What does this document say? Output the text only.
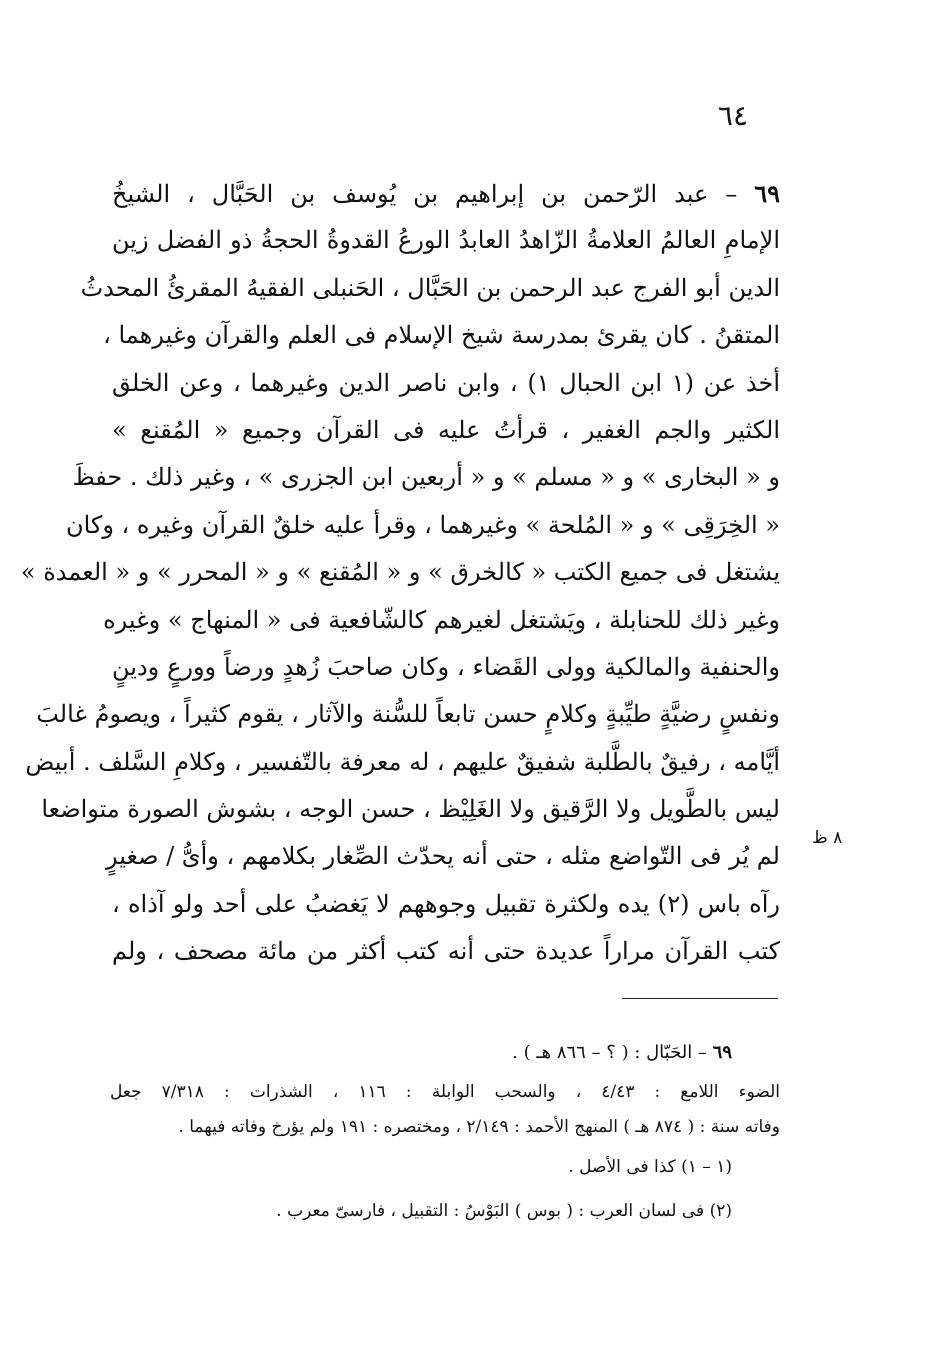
٦٤
٦٩ – عبد الرّحمن بن إبراهيم بن يُوسف بن الحَبَّال ، الشيخُ
الإمامِ العالمُ العلامةُ الزّاهدُ العابدُ الورعُ القدوةُ الحجةُ ذو الفضل زين
الدين أبو الفرج عبد الرحمن بن الحَبَّال ، الحَنبلى الفقيهُ المقرئُ المحدثُ
المتقنُ . كان يقرئ بمدرسة شيخ الإسلام فى العلم والقرآن وغيرهما ،
أخذ عن (١ ابن الحبال ١) ، وابن ناصر الدين وغيرهما ، وعن الخلق
الكثير والجم الغفير ، قرأتُ عليه فى القرآن وجميع « المُقنع »
و « البخارى » و « مسلم » و « أربعين ابن الجزرى » ، وغير ذلك . حفظَ
« الخِرَقِى » و « المُلحة » وغيرهما ، وقرأ عليه خلقٌ القرآن وغيره ، وكان
يشتغل فى جميع الكتب « كالخرق » و « المُقنع » و « المحرر » و « العمدة »
وغير ذلك للحنابلة ، ويَشتغل لغيرهم كالشّافعية فى « المنهاج » وغيره
والحنفية والمالكية وولى القَضاء ، وكان صاحبَ زُهدٍ ورضاً وورعٍ ودينٍ
ونفسٍ رضيَّةٍ طيِّبةٍ وكلامٍ حسن تابعاً للسُّنة والآثار ، يقوم كثيراً ، ويصومُ غالبَ
أيَّامه ، رفيقٌ بالطَّلبة شفيقٌ عليهم ، له معرفة بالتّفسير ، وكلامِ السَّلف . أبيض
ليس بالطَّويل ولا الرَّقيق ولا الغَلِيْظ ، حسن الوجه ، بشوش الصورة متواضعا
لم يُر فى التّواضع مثله ، حتى أنه يحدّث الصِّغار بكلامهم ، وأىُّ / صغيرٍ
رآه باس (٢) يده ولكثرة تقبيل وجوههم لا يَغضبُ على أحد ولو آذاه ،
كتب القرآن مراراً عديدة حتى أنه كتب أكثر من مائة مصحف ، ولم
٨ ظ
٦٩ – الحَبّال : ( ؟ – ٨٦٦ هـ ) .
الضوء اللامع : ٤/٤٣ ، والسحب الوابلة : ١١٦ ، الشذرات : ٧/٣١٨ جعل
وفاته سنة : ( ٨٧٤ هـ ) المنهج الأحمد : ٢/١٤٩ ، ومختصره : ١٩١ ولم يؤرخ وفاته فيهما .
(١ – ١) كذا فى الأصل .
(٢) فى لسان العرب : ( بوس ) البَوْسُ : التقبيل ، فارسىّ معرب .
